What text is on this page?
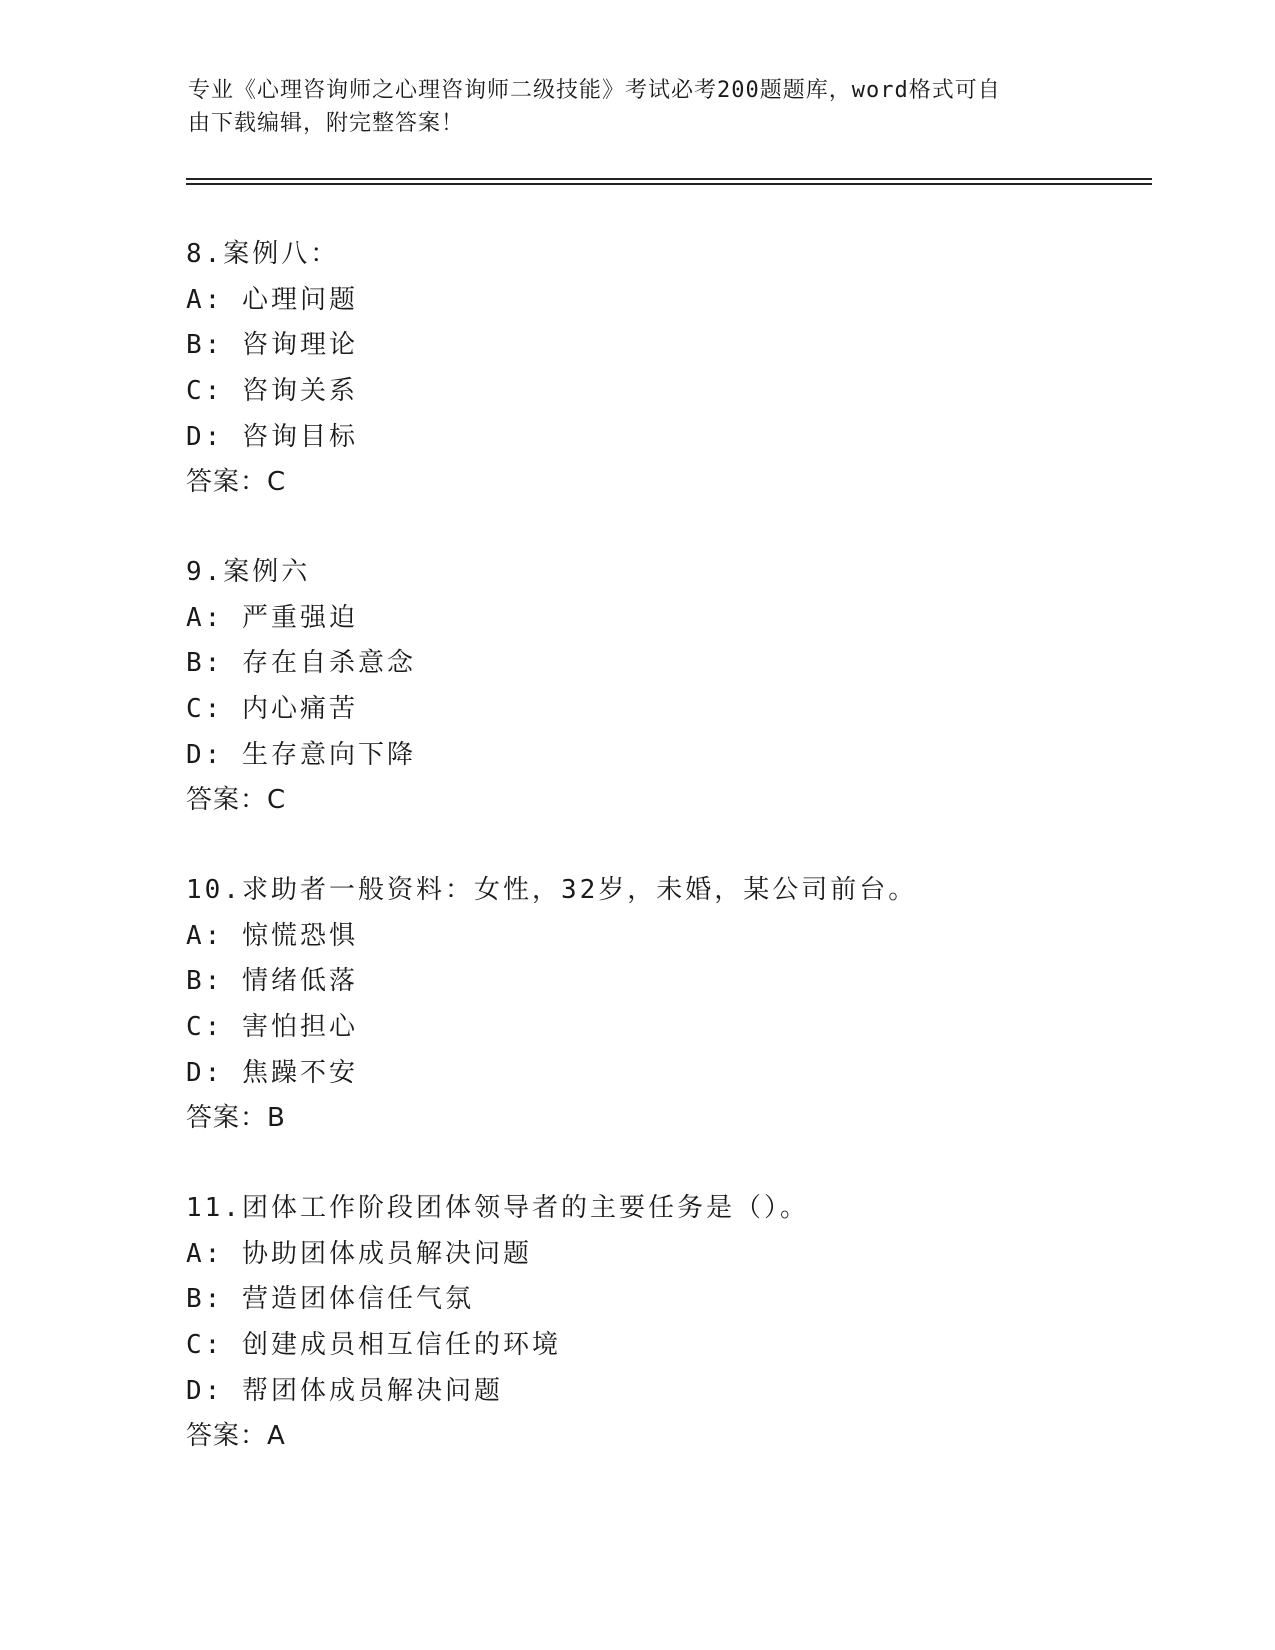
专业《心理咨询师之心理咨询师二级技能》考试必考200题题库，word格式可自
由下载编辑，附完整答案！
8.案例八：
A: 心理问题
B: 咨询理论
C: 咨询关系
D: 咨询目标
答案：C
9.案例六
A: 严重强迫
B: 存在自杀意念
C: 内心痛苦
D: 生存意向下降
答案：C
10.求助者一般资料：女性，32岁，未婚，某公司前台。
A: 惊慌恐惧
B: 情绪低落
C: 害怕担心
D: 焦躁不安
答案：B
11.团体工作阶段团体领导者的主要任务是（）。
A: 协助团体成员解决问题
B: 营造团体信任气氛
C: 创建成员相互信任的环境
D: 帮团体成员解决问题
答案：A
